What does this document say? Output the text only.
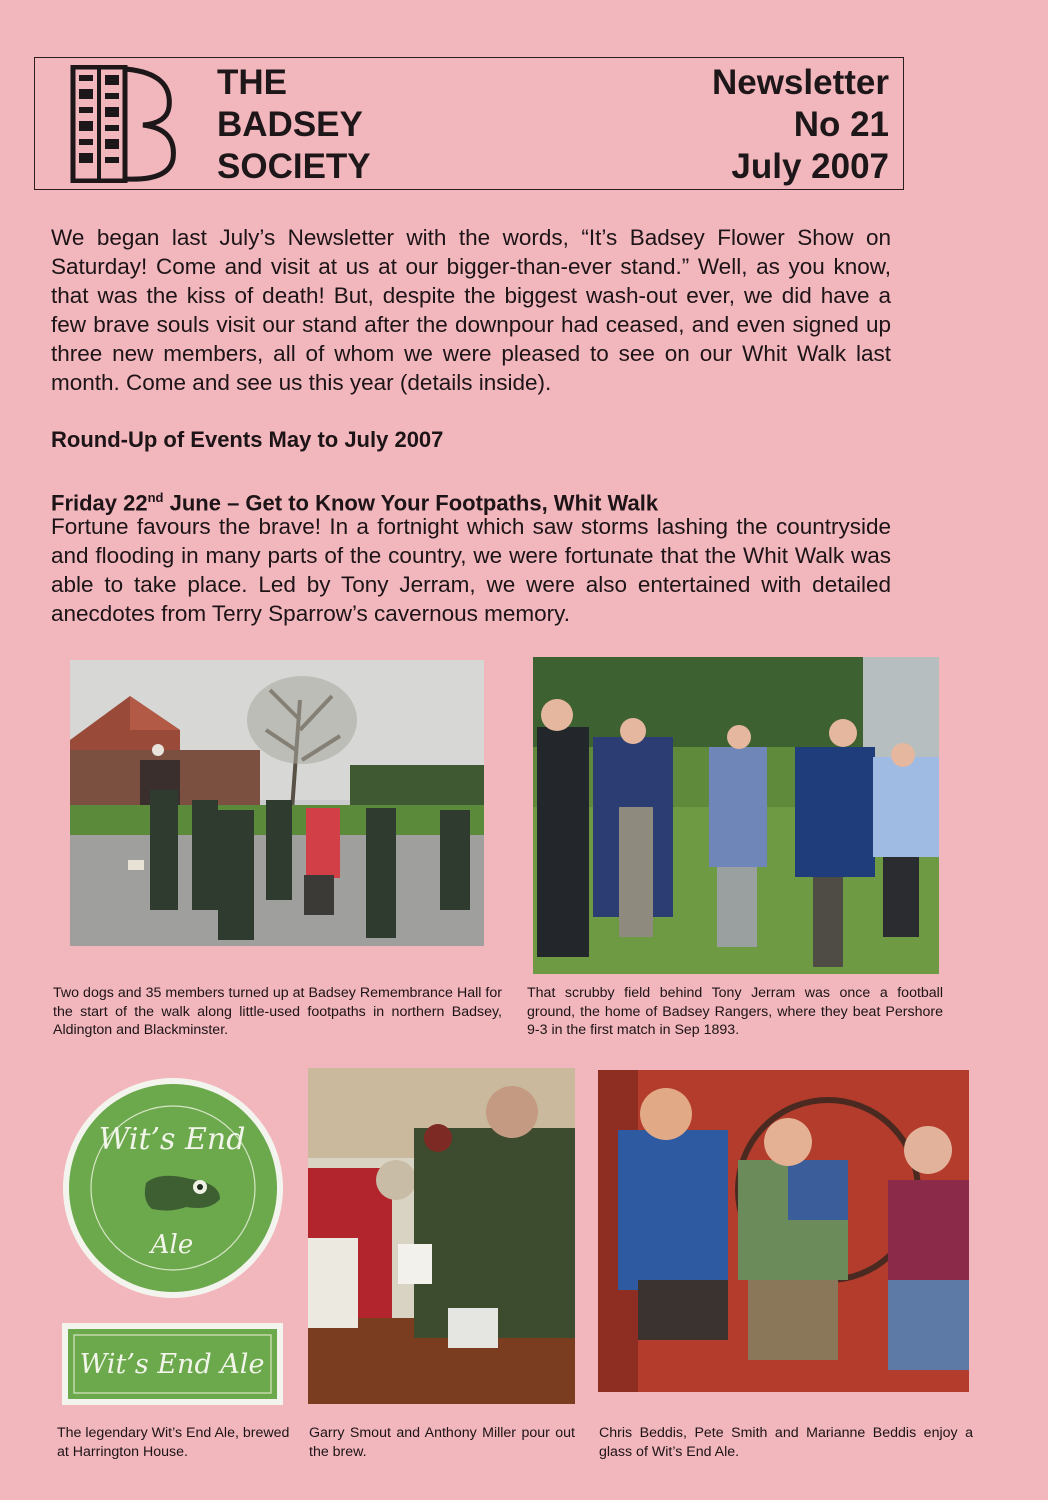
THE
BADSEY
SOCIETY
Newsletter
No 21
July 2007

We began last July’s Newsletter with the words, “It’s Badsey Flower Show on Saturday! Come and visit at us at our bigger-than-ever stand.” Well, as you know, that was the kiss of death! But, despite the biggest wash-out ever, we did have a few brave souls visit our stand after the downpour had ceased, and even signed up three new members, all of whom we were pleased to see on our Whit Walk last month. Come and see us this year (details inside).

Round-Up of Events May to July 2007

Friday 22nd June – Get to Know Your Footpaths, Whit Walk

Fortune favours the brave! In a fortnight which saw storms lashing the countryside and flooding in many parts of the country, we were fortunate that the Whit Walk was able to take place. Led by Tony Jerram, we were also entertained with detailed anecdotes from Terry Sparrow’s cavernous memory.

Two dogs and 35 members turned up at Badsey Remembrance Hall for the start of the walk along little-used footpaths in northern Badsey, Aldington and Blackminster.

That scrubby field behind Tony Jerram was once a football ground, the home of Badsey Rangers, where they beat Pershore 9-3 in the first match in Sep 1893.

Wit’s End
Ale
Wit’s End Ale

The legendary Wit’s End Ale, brewed at Harrington House.

Garry Smout and Anthony Miller pour out the brew.

Chris Beddis, Pete Smith and Marianne Beddis enjoy a glass of Wit’s End Ale.
